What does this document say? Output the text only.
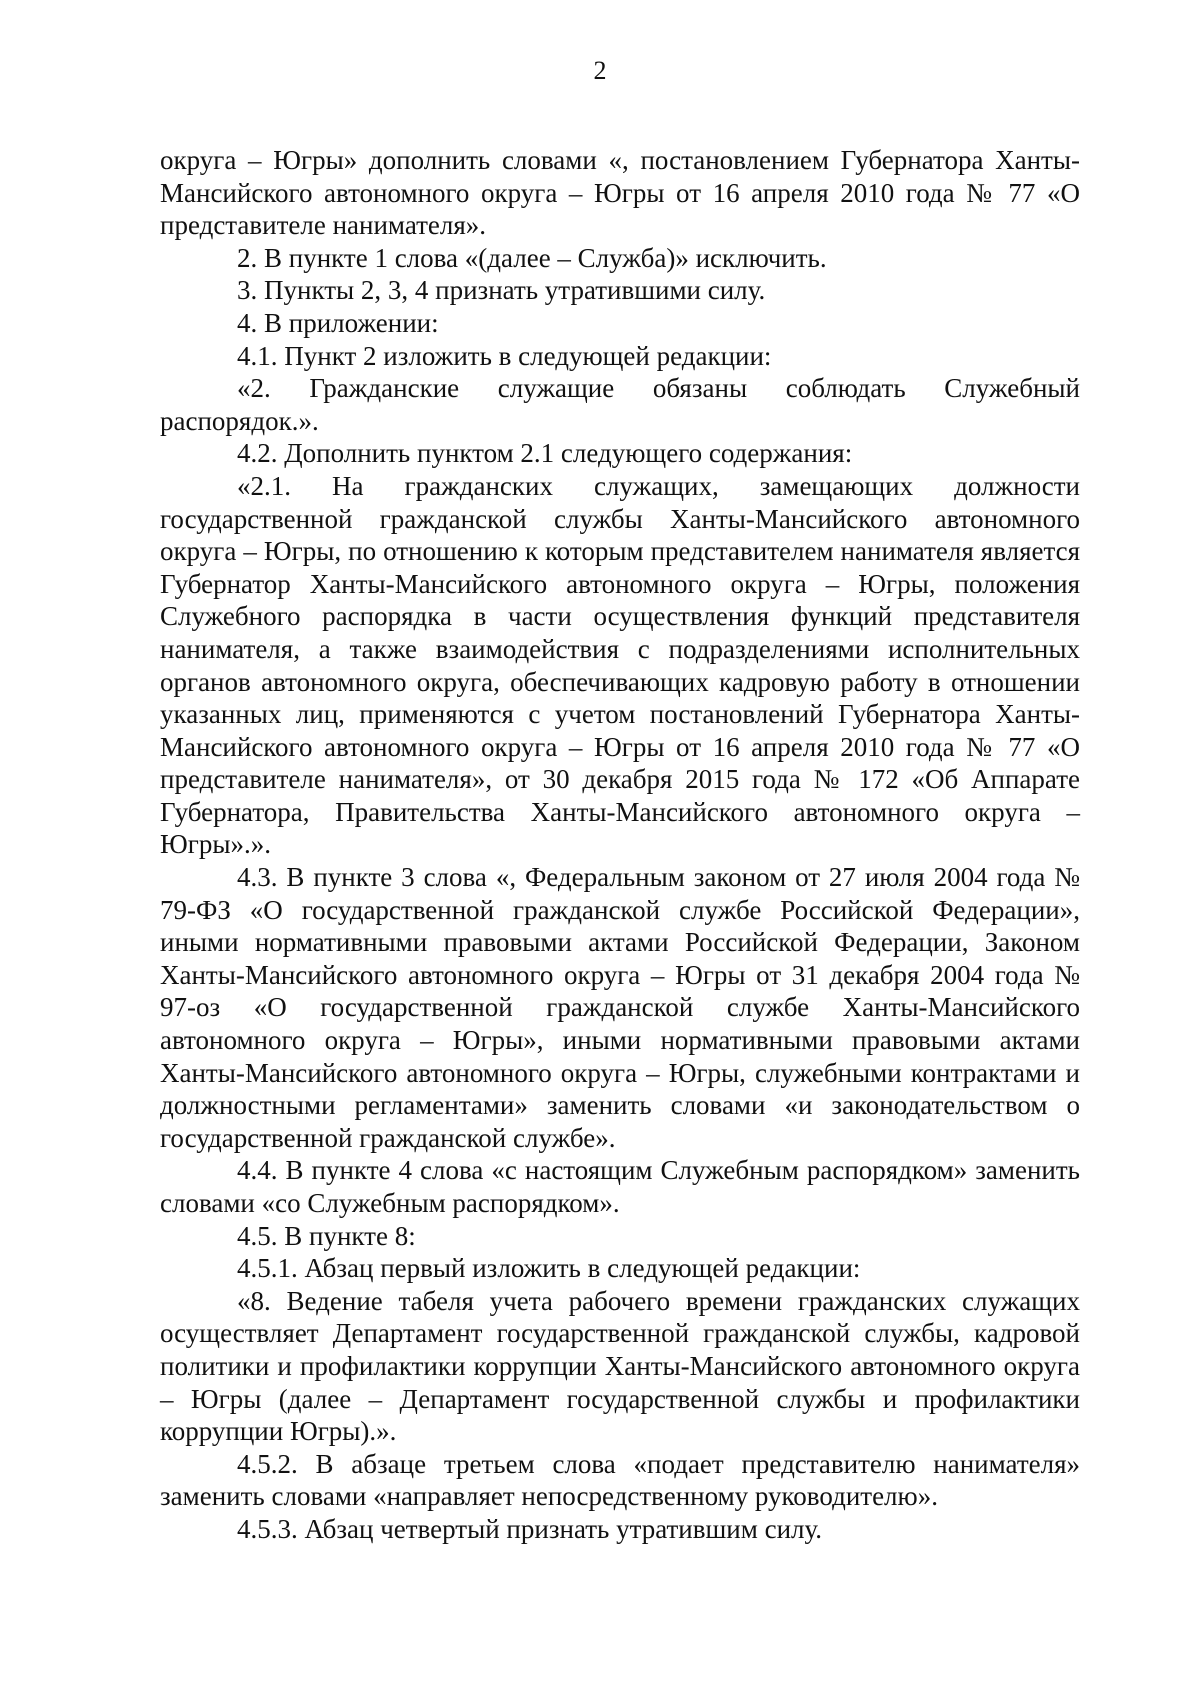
2

округа – Югры» дополнить словами «, постановлением Губернатора Ханты-Мансийского автономного округа – Югры от 16 апреля 2010 года № 77 «О представителе нанимателя».

2. В пункте 1 слова «(далее – Служба)» исключить.

3. Пункты 2, 3, 4 признать утратившими силу.

4. В приложении:

4.1. Пункт 2 изложить в следующей редакции:

«2. Гражданские служащие обязаны соблюдать Служебный распорядок.».

4.2. Дополнить пунктом 2.1 следующего содержания:

«2.1. На гражданских служащих, замещающих должности государственной гражданской службы Ханты-Мансийского автономного округа – Югры, по отношению к которым представителем нанимателя является Губернатор Ханты-Мансийского автономного округа – Югры, положения Служебного распорядка в части осуществления функций представителя нанимателя, а также взаимодействия с подразделениями исполнительных органов автономного округа, обеспечивающих кадровую работу в отношении указанных лиц, применяются с учетом постановлений Губернатора Ханты-Мансийского автономного округа – Югры от 16 апреля 2010 года № 77 «О представителе нанимателя», от 30 декабря 2015 года № 172 «Об Аппарате Губернатора, Правительства Ханты-Мансийского автономного округа – Югры».».

4.3. В пункте 3 слова «, Федеральным законом от 27 июля 2004 года № 79-ФЗ «О государственной гражданской службе Российской Федерации», иными нормативными правовыми актами Российской Федерации, Законом Ханты-Мансийского автономного округа – Югры от 31 декабря 2004 года № 97-оз «О государственной гражданской службе Ханты-Мансийского автономного округа – Югры», иными нормативными правовыми актами Ханты-Мансийского автономного округа – Югры, служебными контрактами и должностными регламентами» заменить словами «и законодательством о государственной гражданской службе».

4.4. В пункте 4 слова «с настоящим Служебным распорядком» заменить словами «со Служебным распорядком».

4.5. В пункте 8:

4.5.1. Абзац первый изложить в следующей редакции:

«8. Ведение табеля учета рабочего времени гражданских служащих осуществляет Департамент государственной гражданской службы, кадровой политики и профилактики коррупции Ханты-Мансийского автономного округа – Югры (далее – Департамент государственной службы и профилактики коррупции Югры).».

4.5.2. В абзаце третьем слова «подает представителю нанимателя» заменить словами «направляет непосредственному руководителю».

4.5.3. Абзац четвертый признать утратившим силу.
